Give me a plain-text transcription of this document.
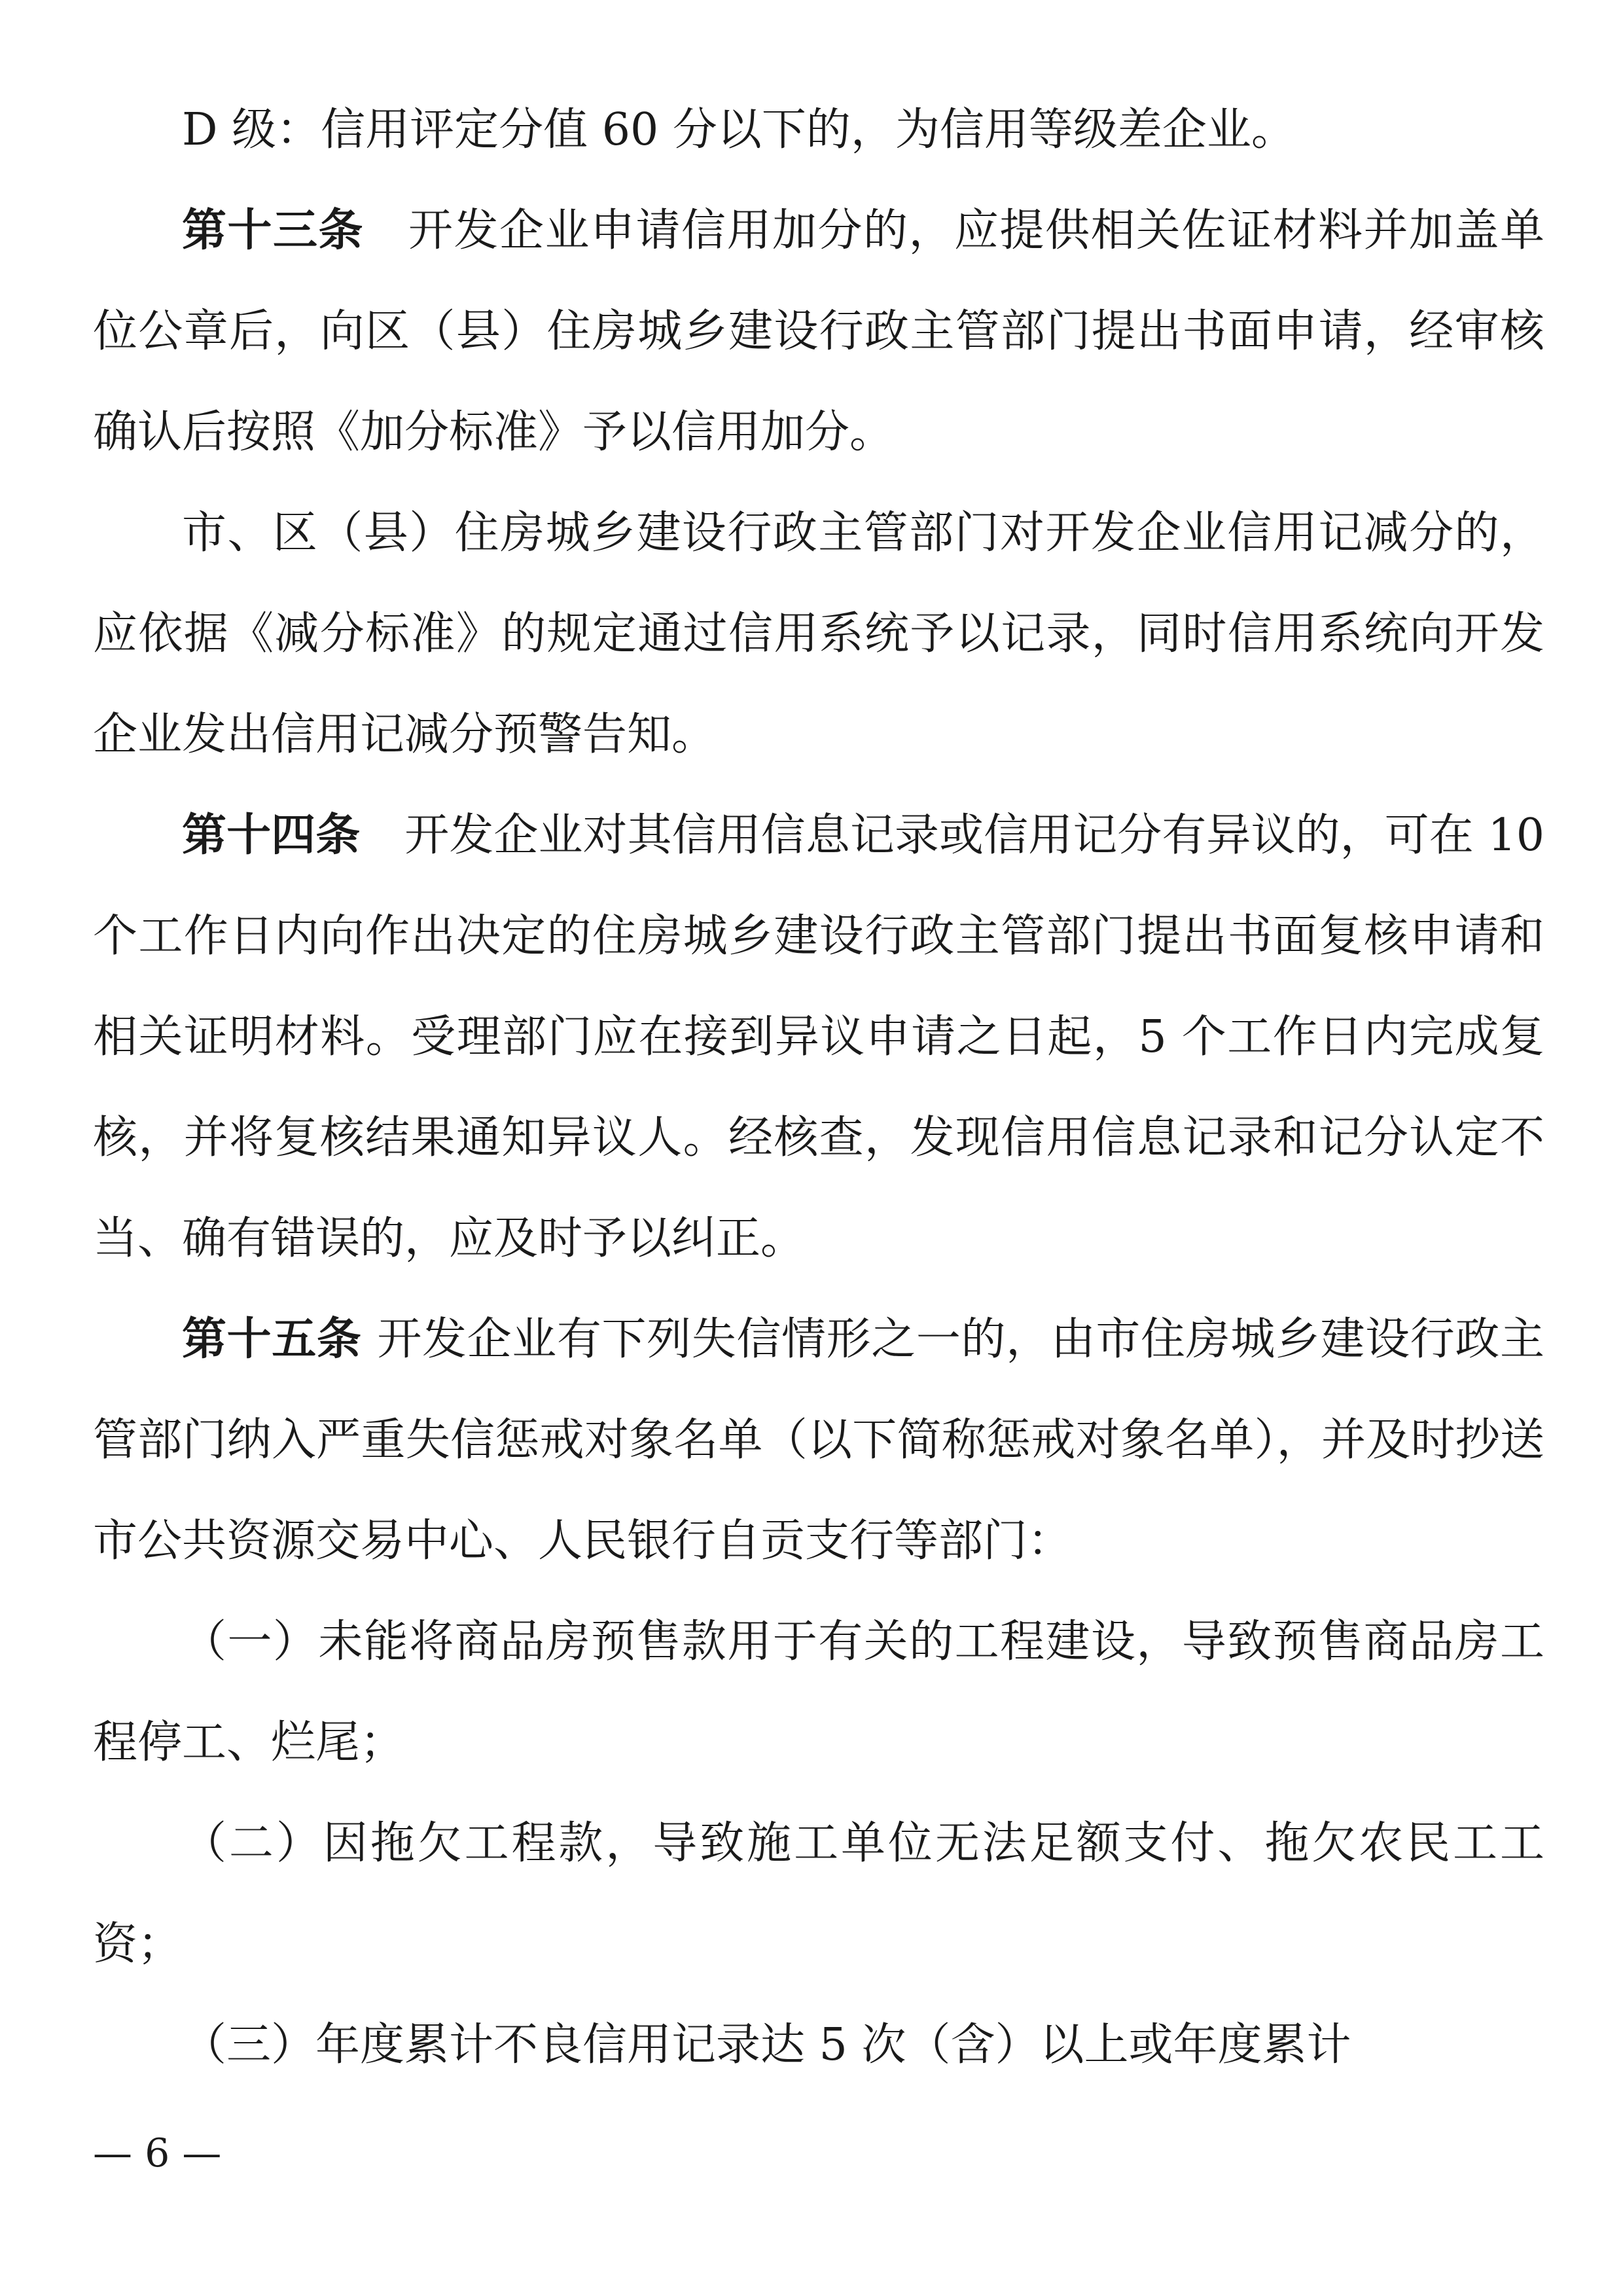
D 级：信用评定分值 60 分以下的，为信用等级差企业。

第十三条 开发企业申请信用加分的，应提供相关佐证材料并加盖单位公章后，向区（县）住房城乡建设行政主管部门提出书面申请，经审核确认后按照《加分标准》予以信用加分。

市、区（县）住房城乡建设行政主管部门对开发企业信用记减分的，应依据《减分标准》的规定通过信用系统予以记录，同时信用系统向开发企业发出信用记减分预警告知。

第十四条 开发企业对其信用信息记录或信用记分有异议的，可在 10 个工作日内向作出决定的住房城乡建设行政主管部门提出书面复核申请和相关证明材料。受理部门应在接到异议申请之日起，5 个工作日内完成复核，并将复核结果通知异议人。经核查，发现信用信息记录和记分认定不当、确有错误的，应及时予以纠正。

第十五条 开发企业有下列失信情形之一的，由市住房城乡建设行政主管部门纳入严重失信惩戒对象名单（以下简称惩戒对象名单），并及时抄送市公共资源交易中心、人民银行自贡支行等部门：

（一）未能将商品房预售款用于有关的工程建设，导致预售商品房工程停工、烂尾；

（二）因拖欠工程款，导致施工单位无法足额支付、拖欠农民工工资；

（三）年度累计不良信用记录达 5 次（含）以上或年度累计

— 6 —
